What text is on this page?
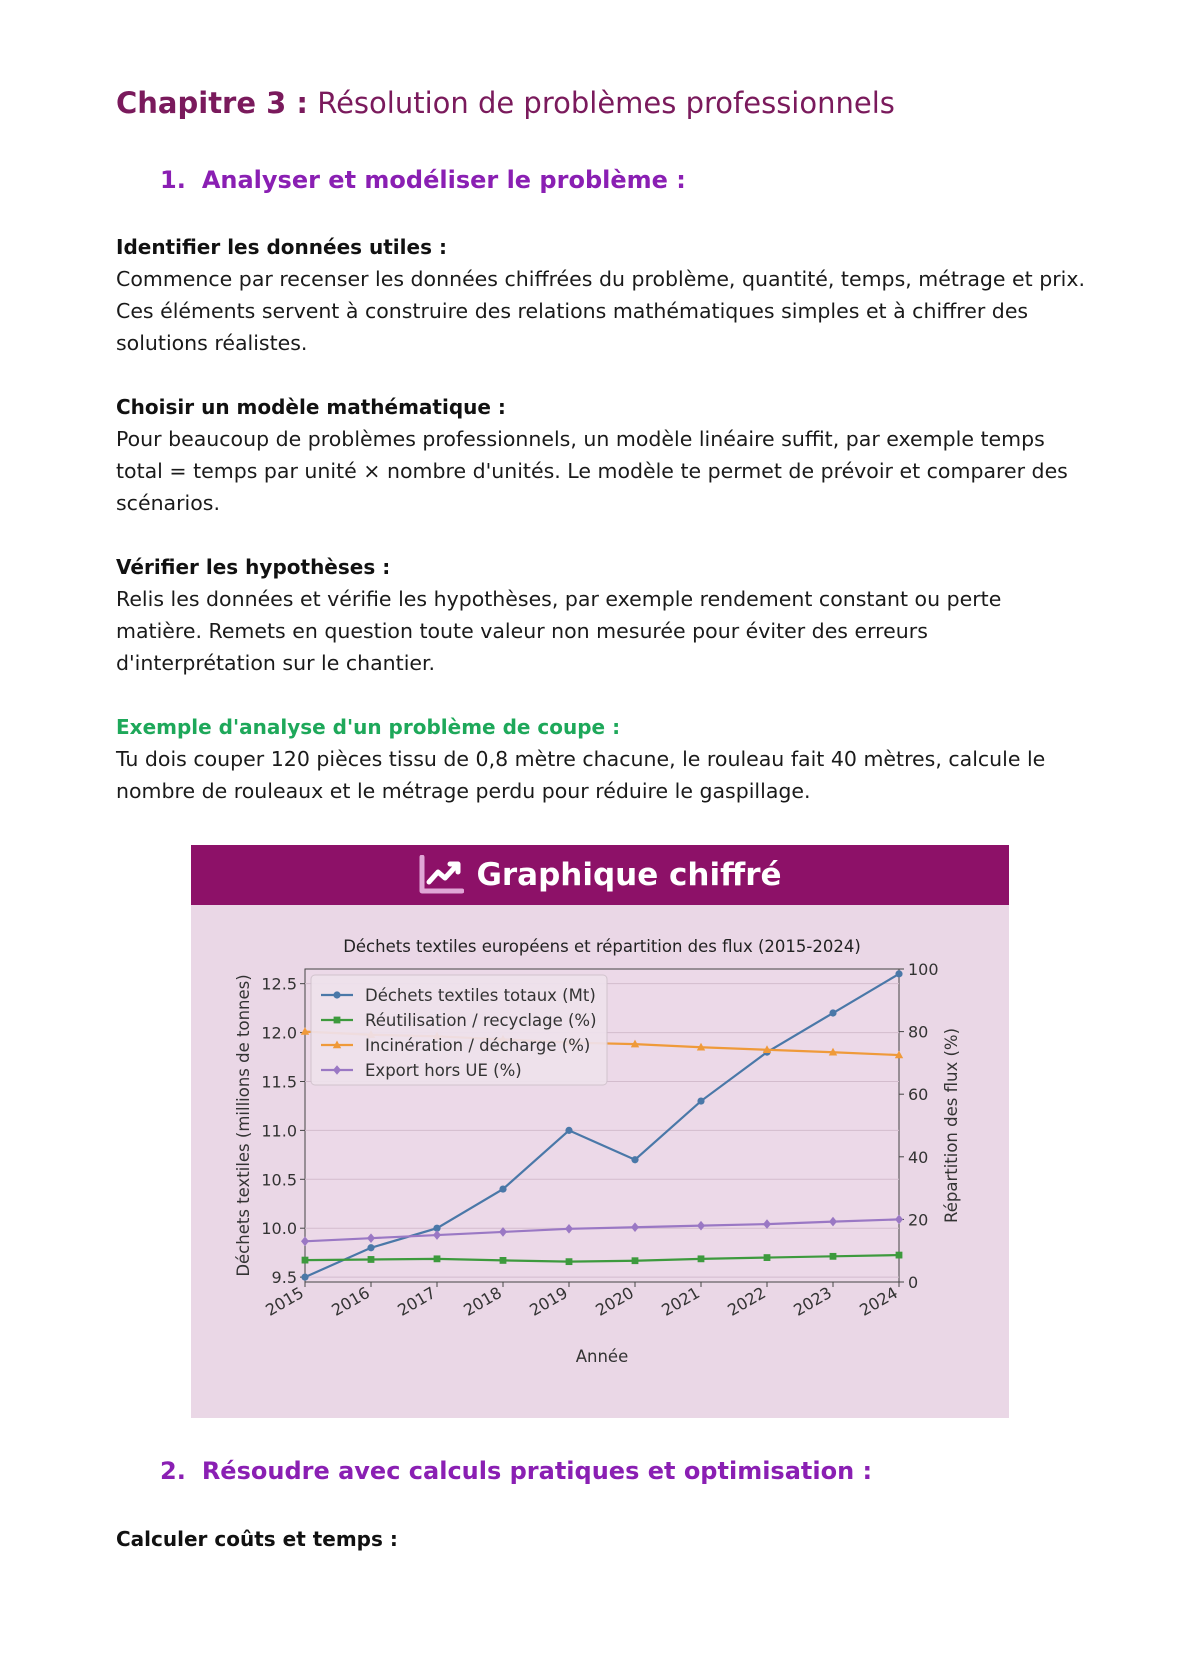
Chapitre 3 : Résolution de problèmes professionnels
1. Analyser et modéliser le problème :
Identifier les données utiles :

Commence par recenser les données chiffrées du problème, quantité, temps, métrage et prix. Ces éléments servent à construire des relations mathématiques simples et à chiffrer des solutions réalistes.

Choisir un modèle mathématique :

Pour beaucoup de problèmes professionnels, un modèle linéaire suffit, par exemple temps total = temps par unité × nombre d'unités. Le modèle te permet de prévoir et comparer des scénarios.

Vérifier les hypothèses :

Relis les données et vérifie les hypothèses, par exemple rendement constant ou perte matière. Remets en question toute valeur non mesurée pour éviter des erreurs d'interprétation sur le chantier.

Exemple d'analyse d'un problème de coupe :

Tu dois couper 120 pièces tissu de 0,8 mètre chacune, le rouleau fait 40 mètres, calcule le nombre de rouleaux et le métrage perdu pour réduire le gaspillage.

Graphique chiffré
9.5
10.0
10.5
11.0
11.5
12.0
12.5
0
20
40
60
80
100
2015 2016 2017 2018 2019 2020 2021 2022 2023 2024
Déchets textiles européens et répartition des flux (2015-2024)
Année
Déchets textiles (millions de tonnes)	Répartition des flux (%)
Déchets textiles totaux (Mt)
Réutilisation / recyclage (%)
Incinération / décharge (%)
Export hors UE (%)
2. Résoudre avec calculs pratiques et optimisation :
Calculer coûts et temps :
